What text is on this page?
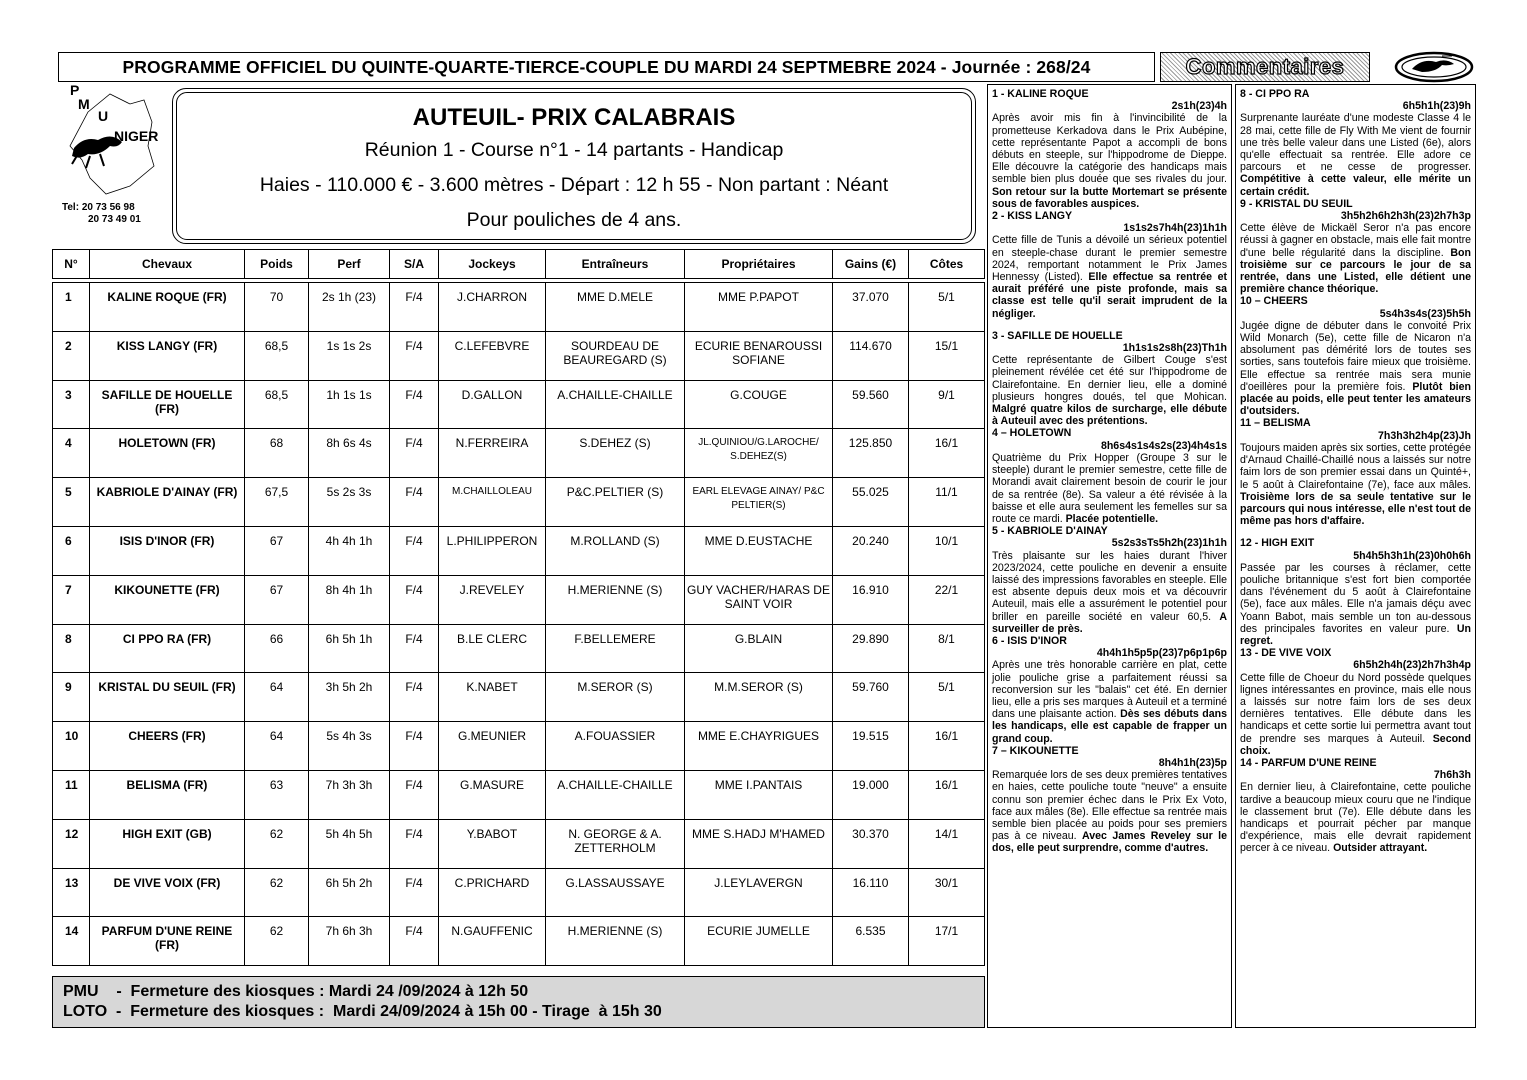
PROGRAMME OFFICIEL DU QUINTE-QUARTE-TIERCE-COUPLE DU MARDI 24 SEPTMEBRE 2024 - Journée : 268/24	Commentaires
P
M
U
NIGER
Tel: 20 73 56 98
20 73 49 01
AUTEUIL- PRIX CALABRAIS
Réunion 1 - Course n°1 - 14 partants - Handicap
Haies - 110.000 € - 3.600 mètres - Départ : 12 h 55 - Non partant : Néant
Pour pouliches de 4 ans.
N°	Chevaux	Poids	Perf	S/A	Jockeys	Entraîneurs	Propriétaires	Gains (€)	Côtes

1	KALINE ROQUE (FR)	70	2s 1h (23)	F/4	J.CHARRON	MME D.MELE	MME P.PAPOT	37.070	5/1
2	KISS LANGY (FR)	68,5	1s 1s 2s	F/4	C.LEFEBVRE	SOURDEAU DE BEAUREGARD (S)	ECURIE BENAROUSSI SOFIANE	114.670	15/1
3	SAFILLE DE HOUELLE (FR)	68,5	1h 1s 1s	F/4	D.GALLON	A.CHAILLE-CHAILLE	G.COUGE	59.560	9/1
4	HOLETOWN (FR)	68	8h 6s 4s	F/4	N.FERREIRA	S.DEHEZ (S)	JL.QUINIOU/G.LAROCHE/ S.DEHEZ(S)	125.850	16/1
5	KABRIOLE D'AINAY (FR)	67,5	5s 2s 3s	F/4	M.CHAILLOLEAU	P&C.PELTIER (S)	EARL ELEVAGE AINAY/ P&C PELTIER(S)	55.025	11/1
6	ISIS D'INOR (FR)	67	4h 4h 1h	F/4	L.PHILIPPERON	M.ROLLAND (S)	MME D.EUSTACHE	20.240	10/1
7	KIKOUNETTE (FR)	67	8h 4h 1h	F/4	J.REVELEY	H.MERIENNE (S)	GUY VACHER/HARAS DE SAINT VOIR	16.910	22/1
8	CI PPO RA (FR)	66	6h 5h 1h	F/4	B.LE CLERC	F.BELLEMERE	G.BLAIN	29.890	8/1
9	KRISTAL DU SEUIL (FR)	64	3h 5h 2h	F/4	K.NABET	M.SEROR (S)	M.M.SEROR (S)	59.760	5/1
10	CHEERS (FR)	64	5s 4h 3s	F/4	G.MEUNIER	A.FOUASSIER	MME E.CHAYRIGUES	19.515	16/1
11	BELISMA (FR)	63	7h 3h 3h	F/4	G.MASURE	A.CHAILLE-CHAILLE	MME I.PANTAIS	19.000	16/1
12	HIGH EXIT (GB)	62	5h 4h 5h	F/4	Y.BABOT	N. GEORGE & A. ZETTERHOLM	MME S.HADJ M'HAMED	30.370	14/1
13	DE VIVE VOIX (FR)	62	6h 5h 2h	F/4	C.PRICHARD	G.LASSAUSSAYE	J.LEYLAVERGN	16.110	30/1
14	PARFUM D'UNE REINE (FR)	62	7h 6h 3h	F/4	N.GAUFFENIC	H.MERIENNE (S)	ECURIE JUMELLE	6.535	17/1
PMU    -  Fermeture des kiosques : Mardi 24 /09/2024 à 12h 50
LOTO  -  Fermeture des kiosques :  Mardi 24/09/2024 à 15h 00 - Tirage  à 15h 30
1 - KALINE ROQUE
2s1h(23)4h
Après avoir mis fin à l'invincibilité de la prometteuse Kerkadova dans le Prix Aubépine, cette représentante Papot a accompli de bons débuts en steeple, sur l'hippodrome de Dieppe. Elle découvre la catégorie des handicaps mais semble bien plus douée que ses rivales du jour. Son retour sur la butte Mortemart se présente sous de favorables auspices.
2 - KISS LANGY
1s1s2s7h4h(23)1h1h
Cette fille de Tunis a dévoilé un sérieux potentiel en steeple-chase durant le premier semestre 2024, remportant notamment le Prix James Hennessy (Listed). Elle effectue sa rentrée et aurait préféré une piste profonde, mais sa classe est telle qu'il serait imprudent de la négliger.
3 - SAFILLE DE HOUELLE
1h1s1s2s8h(23)Th1h
Cette représentante de Gilbert Couge s'est pleinement révélée cet été sur l'hippodrome de Clairefontaine. En dernier lieu, elle a dominé plusieurs hongres doués, tel que Mohican. Malgré quatre kilos de surcharge, elle débute à Auteuil avec des prétentions.
4 – HOLETOWN
8h6s4s1s4s2s(23)4h4s1s
Quatrième du Prix Hopper (Groupe 3 sur le steeple) durant le premier semestre, cette fille de Morandi avait clairement besoin de courir le jour de sa rentrée (8e). Sa valeur a été révisée à la baisse et elle aura seulement les femelles sur sa route ce mardi. Placée potentielle.
5 - KABRIOLE D'AINAY
5s2s3sTs5h2h(23)1h1h
Très plaisante sur les haies durant l'hiver 2023/2024, cette pouliche en devenir a ensuite laissé des impressions favorables en steeple. Elle est absente depuis deux mois et va découvrir Auteuil, mais elle a assurément le potentiel pour briller en pareille société en valeur 60,5. A surveiller de près.
6 - ISIS D'INOR
4h4h1h5p5p(23)7p6p1p6p
Après une très honorable carrière en plat, cette jolie pouliche grise a parfaitement réussi sa reconversion sur les "balais" cet été. En dernier lieu, elle a pris ses marques à Auteuil et a terminé dans une plaisante action. Dès ses débuts dans les handicaps, elle est capable de frapper un grand coup.
7 – KIKOUNETTE
8h4h1h(23)5p
Remarquée lors de ses deux premières tentatives en haies, cette pouliche toute "neuve" a ensuite connu son premier échec dans le Prix Ex Voto, face aux mâles (8e). Elle effectue sa rentrée mais semble bien placée au poids pour ses premiers pas à ce niveau. Avec James Reveley sur le dos, elle peut surprendre, comme d'autres.
8 - CI PPO RA
6h5h1h(23)9h
Surprenante lauréate d'une modeste Classe 4 le 28 mai, cette fille de Fly With Me vient de fournir une très belle valeur dans une Listed (6e), alors qu'elle effectuait sa rentrée. Elle adore ce parcours et ne cesse de progresser. Compétitive à cette valeur, elle mérite un certain crédit.
9 - KRISTAL DU SEUIL
3h5h2h6h2h3h(23)2h7h3p
Cette élève de Mickaël Seror n'a pas encore réussi à gagner en obstacle, mais elle fait montre d'une belle régularité dans la discipline. Bon troisième sur ce parcours le jour de sa rentrée, dans une Listed, elle détient une première chance théorique.
10 – CHEERS
5s4h3s4s(23)5h5h
Jugée digne de débuter dans le convoité Prix Wild Monarch (5e), cette fille de Nicaron n'a absolument pas démérité lors de toutes ses sorties, sans toutefois faire mieux que troisième. Elle effectue sa rentrée mais sera munie d'oeillères pour la première fois. Plutôt bien placée au poids, elle peut tenter les amateurs d'outsiders.
11 – BELISMA
7h3h3h2h4p(23)Jh
Toujours maiden après six sorties, cette protégée d'Arnaud Chaillé-Chaillé nous a laissés sur notre faim lors de son premier essai dans un Quinté+, le 5 août à Clairefontaine (7e), face aux mâles. Troisième lors de sa seule tentative sur le parcours qui nous intéresse, elle n'est tout de même pas hors d'affaire.
12 - HIGH EXIT
5h4h5h3h1h(23)0h0h6h
Passée par les courses à réclamer, cette pouliche britannique s'est fort bien comportée dans l'événement du 5 août à Clairefontaine (5e), face aux mâles. Elle n'a jamais déçu avec Yoann Babot, mais semble un ton au-dessous des principales favorites en valeur pure. Un regret.
13 - DE VIVE VOIX
6h5h2h4h(23)2h7h3h4p
Cette fille de Choeur du Nord possède quelques lignes intéressantes en province, mais elle nous a laissés sur notre faim lors de ses deux dernières tentatives. Elle débute dans les handicaps et cette sortie lui permettra avant tout de prendre ses marques à Auteuil. Second choix.
14 - PARFUM D'UNE REINE
7h6h3h
En dernier lieu, à Clairefontaine, cette pouliche tardive a beaucoup mieux couru que ne l'indique le classement brut (7e). Elle débute dans les handicaps et pourrait pécher par manque d'expérience, mais elle devrait rapidement percer à ce niveau. Outsider attrayant.
